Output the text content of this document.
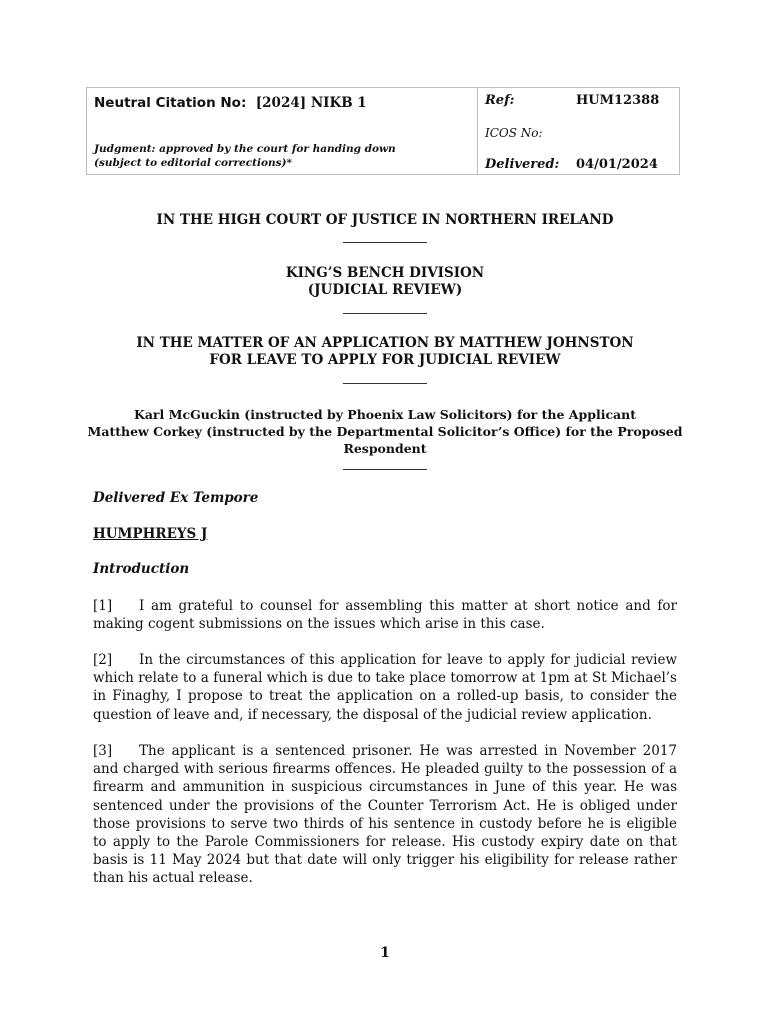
Neutral Citation No: [2024] NIKB 1
Judgment: approved by the court for handing down
(subject to editorial corrections)*
Ref:	HUM12388
ICOS No:
Delivered: 04/01/2024
IN THE HIGH COURT OF JUSTICE IN NORTHERN IRELAND
KING’S BENCH DIVISION
(JUDICIAL REVIEW)
IN THE MATTER OF AN APPLICATION BY MATTHEW JOHNSTON
FOR LEAVE TO APPLY FOR JUDICIAL REVIEW
Karl McGuckin (instructed by Phoenix Law Solicitors) for the Applicant
Matthew Corkey (instructed by the Departmental Solicitor’s Office) for the Proposed
Respondent
Delivered Ex Tempore
HUMPHREYS J
Introduction
[1] I am grateful to counsel for assembling this matter at short notice and for making cogent submissions on the issues which arise in this case.
[2] In the circumstances of this application for leave to apply for judicial review which relate to a funeral which is due to take place tomorrow at 1pm at St Michael’s in Finaghy, I propose to treat the application on a rolled-up basis, to consider the question of leave and, if necessary, the disposal of the judicial review application.
[3] The applicant is a sentenced prisoner. He was arrested in November 2017 and charged with serious firearms offences. He pleaded guilty to the possession of a firearm and ammunition in suspicious circumstances in June of this year. He was sentenced under the provisions of the Counter Terrorism Act. He is obliged under those provisions to serve two thirds of his sentence in custody before he is eligible to apply to the Parole Commissioners for release. His custody expiry date on that basis is 11 May 2024 but that date will only trigger his eligibility for release rather than his actual release.
1
